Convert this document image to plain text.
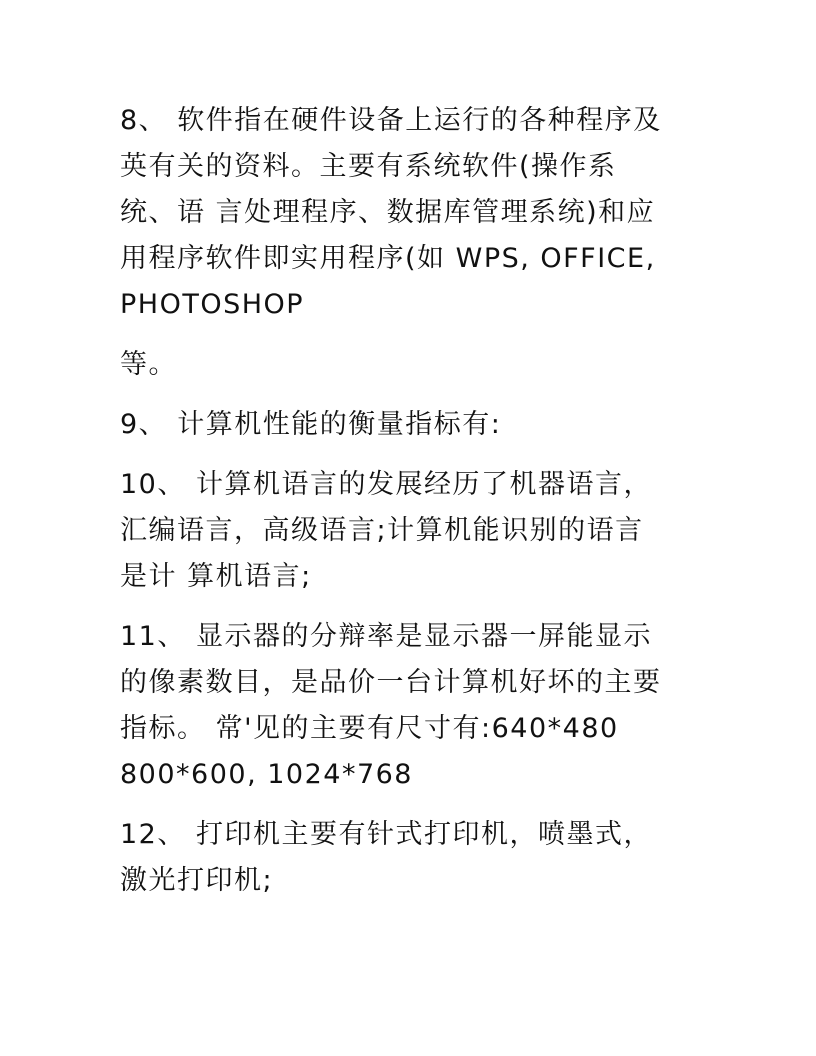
8、 软件指在硬件设备上运行的各种程序及
英有关的资料。主要有系统软件(操作系
统、语 言处理程序、数据库管理系统)和应
用程序软件即实用程序(如 WPS, OFFICE,
PHOTOSHOP

等。

9、 计算机性能的衡量指标有:

10、 计算机语言的发展经历了机器语言，
汇编语言，高级语言;计算机能识别的语言
是计 算机语言;

11、 显示器的分辩率是显示器一屏能显示
的像素数目，是品价一台计算机好坏的主要
指标。 常'见的主要有尺寸有:640*480
800*600, 1024*768

12、 打印机主要有针式打印机，喷墨式，
激光打印机;
